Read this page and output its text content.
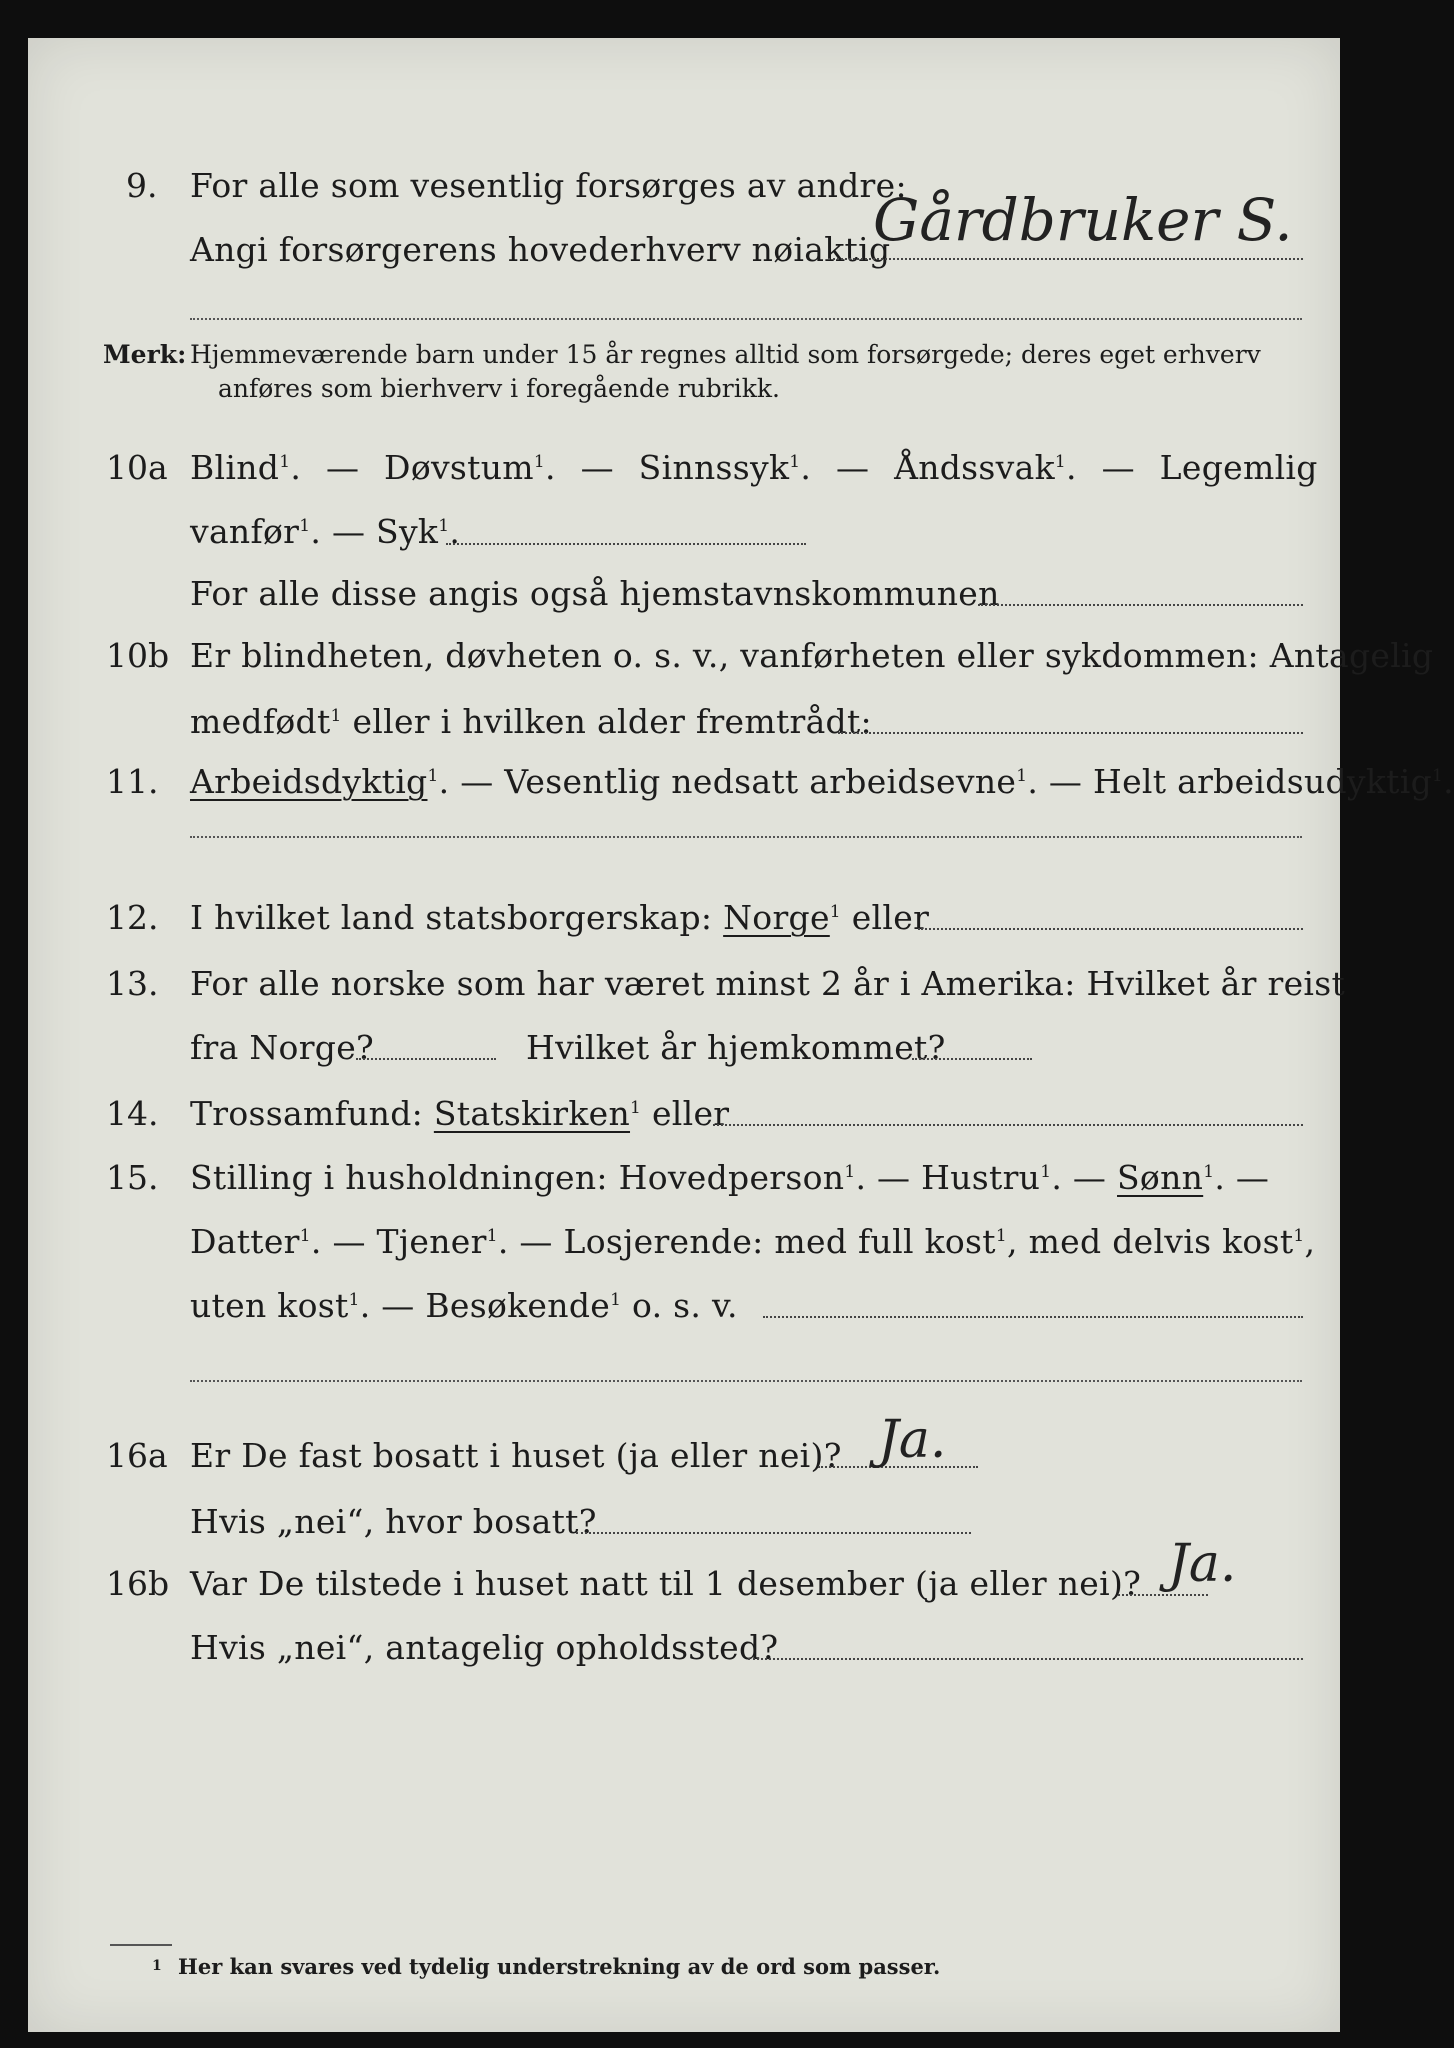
9. For alle som vesentlig forsørges av andre:
Angi forsørgerens hovederhverv nøiaktig
Gårdbruker S.
Merk: Hjemmeværende barn under 15 år regnes alltid som forsørgede; deres eget erhverv
anføres som bierhverv i foregående rubrikk.
10a Blind$^1$. — Døvstum$^1$. — Sinnssyk$^1$. — Åndssvak$^1$. — Legemlig
vanfør$^1$. — Syk$^1$.
For alle disse angis også hjemstavnskommunen
10b Er blindheten, døvheten o. s. v., vanførheten eller sykdommen: Antagelig
medfødt$^1$ eller i hvilken alder fremtrådt:
11. Arbeidsdyktig$^1$. — Vesentlig nedsatt arbeidsevne$^1$. — Helt arbeidsudyktig$^1$.
12. I hvilket land statsborgerskap: Norge$^1$ eller
13. For alle norske som har været minst 2 år i Amerika: Hvilket år reist
fra Norge?	Hvilket år hjemkommet?
14. Trossamfund: Statskirken$^1$ eller
15. Stilling i husholdningen: Hovedperson$^1$. — Hustru$^1$. — Sønn$^1$. —
Datter$^1$. — Tjener$^1$. — Losjerende: med full kost$^1$, med delvis kost$^1$,
uten kost$^1$. — Besøkende$^1$ o. s. v.
16a Er De fast bosatt i huset (ja eller nei)? Ja.
Hvis „nei“, hvor bosatt?
16b Var De tilstede i huset natt til 1 desember (ja eller nei)? Ja.
Hvis „nei“, antagelig opholdssted?
1 Her kan svares ved tydelig understrekning av de ord som passer.
